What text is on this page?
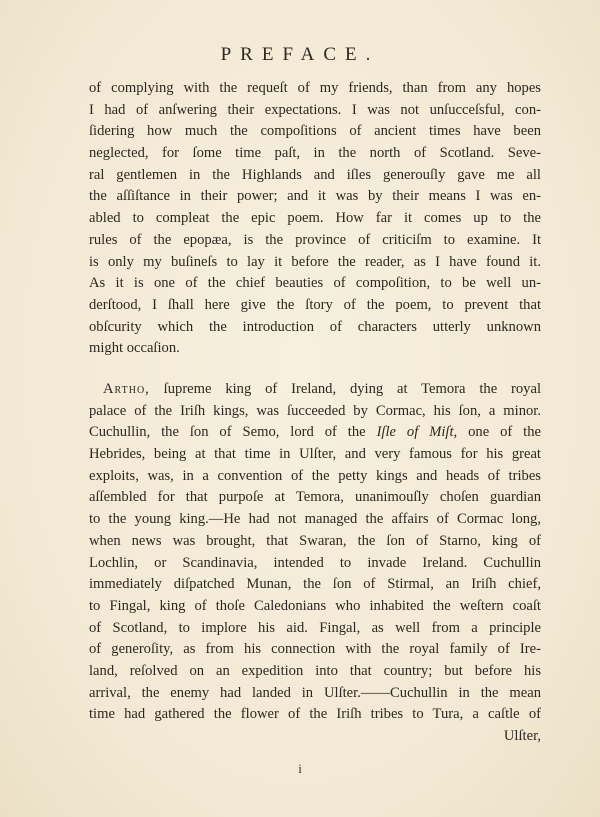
PREFACE.
of complying with the requeſt of my friends, than from any hopes
I had of anſwering their expectations. I was not unſucceſsful, con-
ſidering how much the compoſitions of ancient times have been
neglected, for ſome time paſt, in the north of Scotland. Seve-
ral gentlemen in the Highlands and iſles generouſly gave me all
the aſſiſtance in their power; and it was by their means I was en-
abled to compleat the epic poem. How far it comes up to the
rules of the epopæa, is the province of criticiſm to examine. It
is only my buſineſs to lay it before the reader, as I have found it.
As it is one of the chief beauties of compoſition, to be well un-
derſtood, I ſhall here give the ſtory of the poem, to prevent that
obſcurity which the introduction of characters utterly unknown
might occaſion.
Artho, ſupreme king of Ireland, dying at Temora the royal
palace of the Iriſh kings, was ſucceeded by Cormac, his ſon, a minor.
Cuchullin, the ſon of Semo, lord of the Iſle of Miſt, one of the
Hebrides, being at that time in Ulſter, and very famous for his great
exploits, was, in a convention of the petty kings and heads of tribes
aſſembled for that purpoſe at Temora, unanimouſly choſen guardian
to the young king.—He had not managed the affairs of Cormac long,
when news was brought, that Swaran, the ſon of Starno, king of
Lochlin, or Scandinavia, intended to invade Ireland. Cuchullin
immediately diſpatched Munan, the ſon of Stirmal, an Iriſh chief,
to Fingal, king of thoſe Caledonians who inhabited the weſtern coaſt
of Scotland, to implore his aid. Fingal, as well from a principle
of generoſity, as from his connection with the royal family of Ire-
land, reſolved on an expedition into that country; but before his
arrival, the enemy had landed in Ulſter.——Cuchullin in the mean
time had gathered the flower of the Iriſh tribes to Tura, a caſtle of
Ulſter,
i
